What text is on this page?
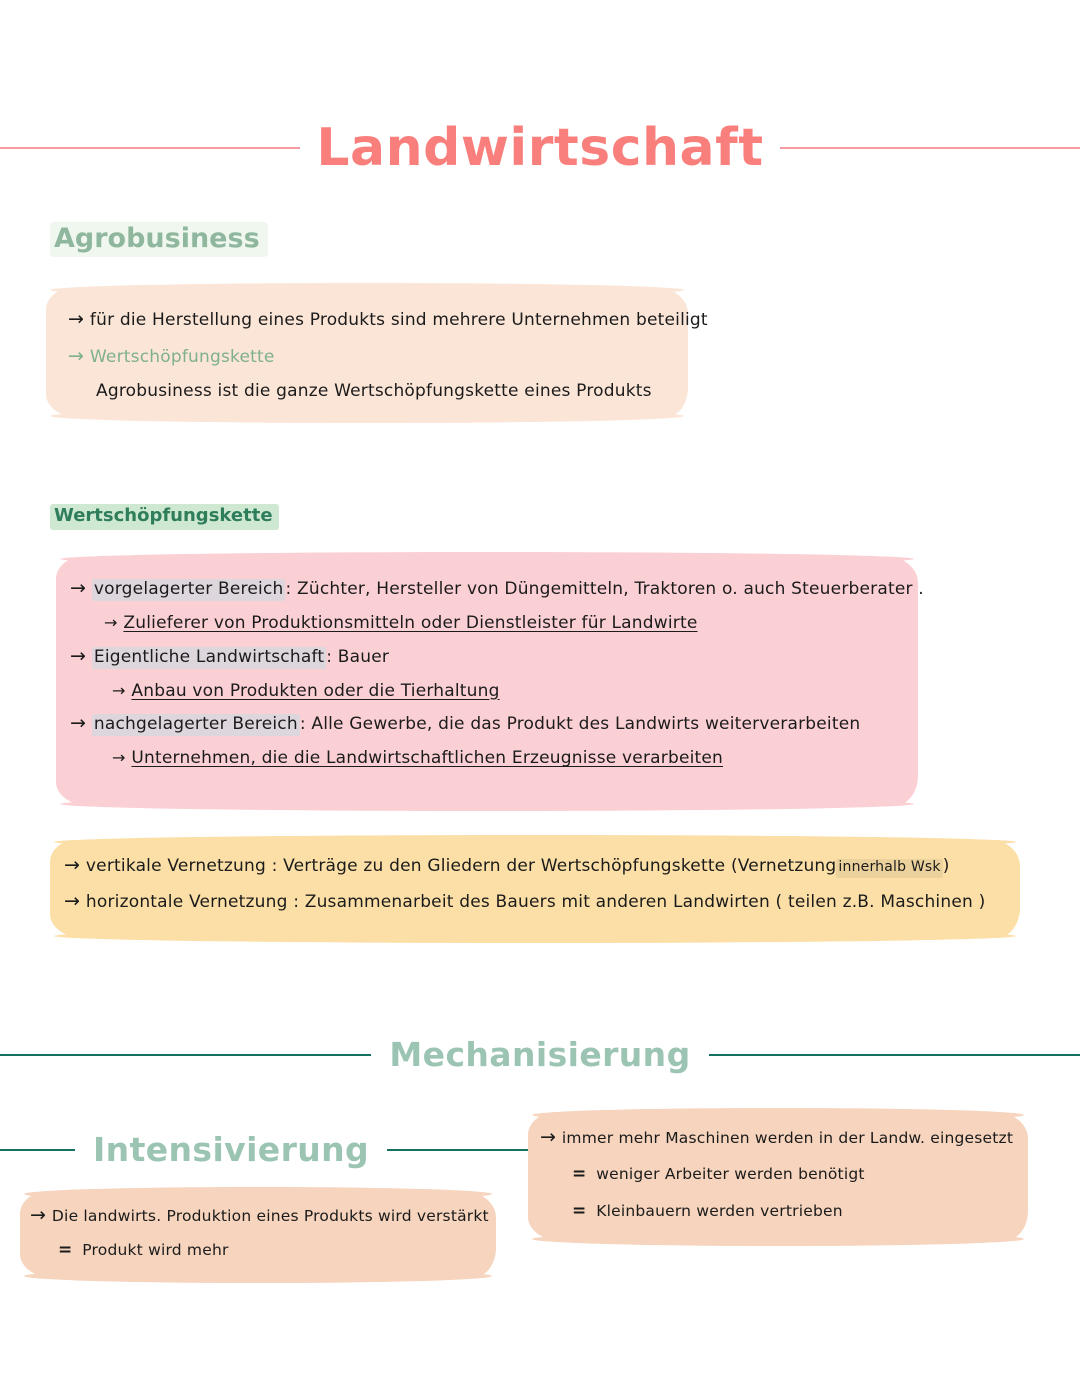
Landwirtschaft
Agrobusiness
→ für die Herstellung eines Produkts sind mehrere Unternehmen beteiligt
→ Wertschöpfungskette
Agrobusiness ist die ganze Wertschöpfungskette eines Produkts
Wertschöpfungskette
→ vorgelagerter Bereich : Züchter, Hersteller von Düngemitteln, Traktoren o. auch Steuerberater .
→ Zulieferer von Produktionsmitteln oder Dienstleister für Landwirte
→ Eigentliche Landwirtschaft : Bauer
→ Anbau von Produkten oder die Tierhaltung
→ nachgelagerter Bereich : Alle Gewerbe, die das Produkt des Landwirts weiterverarbeiten
→ Unternehmen, die die Landwirtschaftlichen Erzeugnisse verarbeiten
→ vertikale Vernetzung : Verträge zu den Gliedern der Wertschöpfungskette (Vernetzung innerhalb Wsk )
→ horizontale Vernetzung : Zusammenarbeit des Bauers mit anderen Landwirten ( teilen z.B. Maschinen )
Mechanisierung
Intensivierung	→ immer mehr Maschinen werden in der Landw. eingesetzt
= weniger Arbeiter werden benötigt
= Kleinbauern werden vertrieben
→ Die landwirts. Produktion eines Produkts wird verstärkt
= Produkt wird mehr
